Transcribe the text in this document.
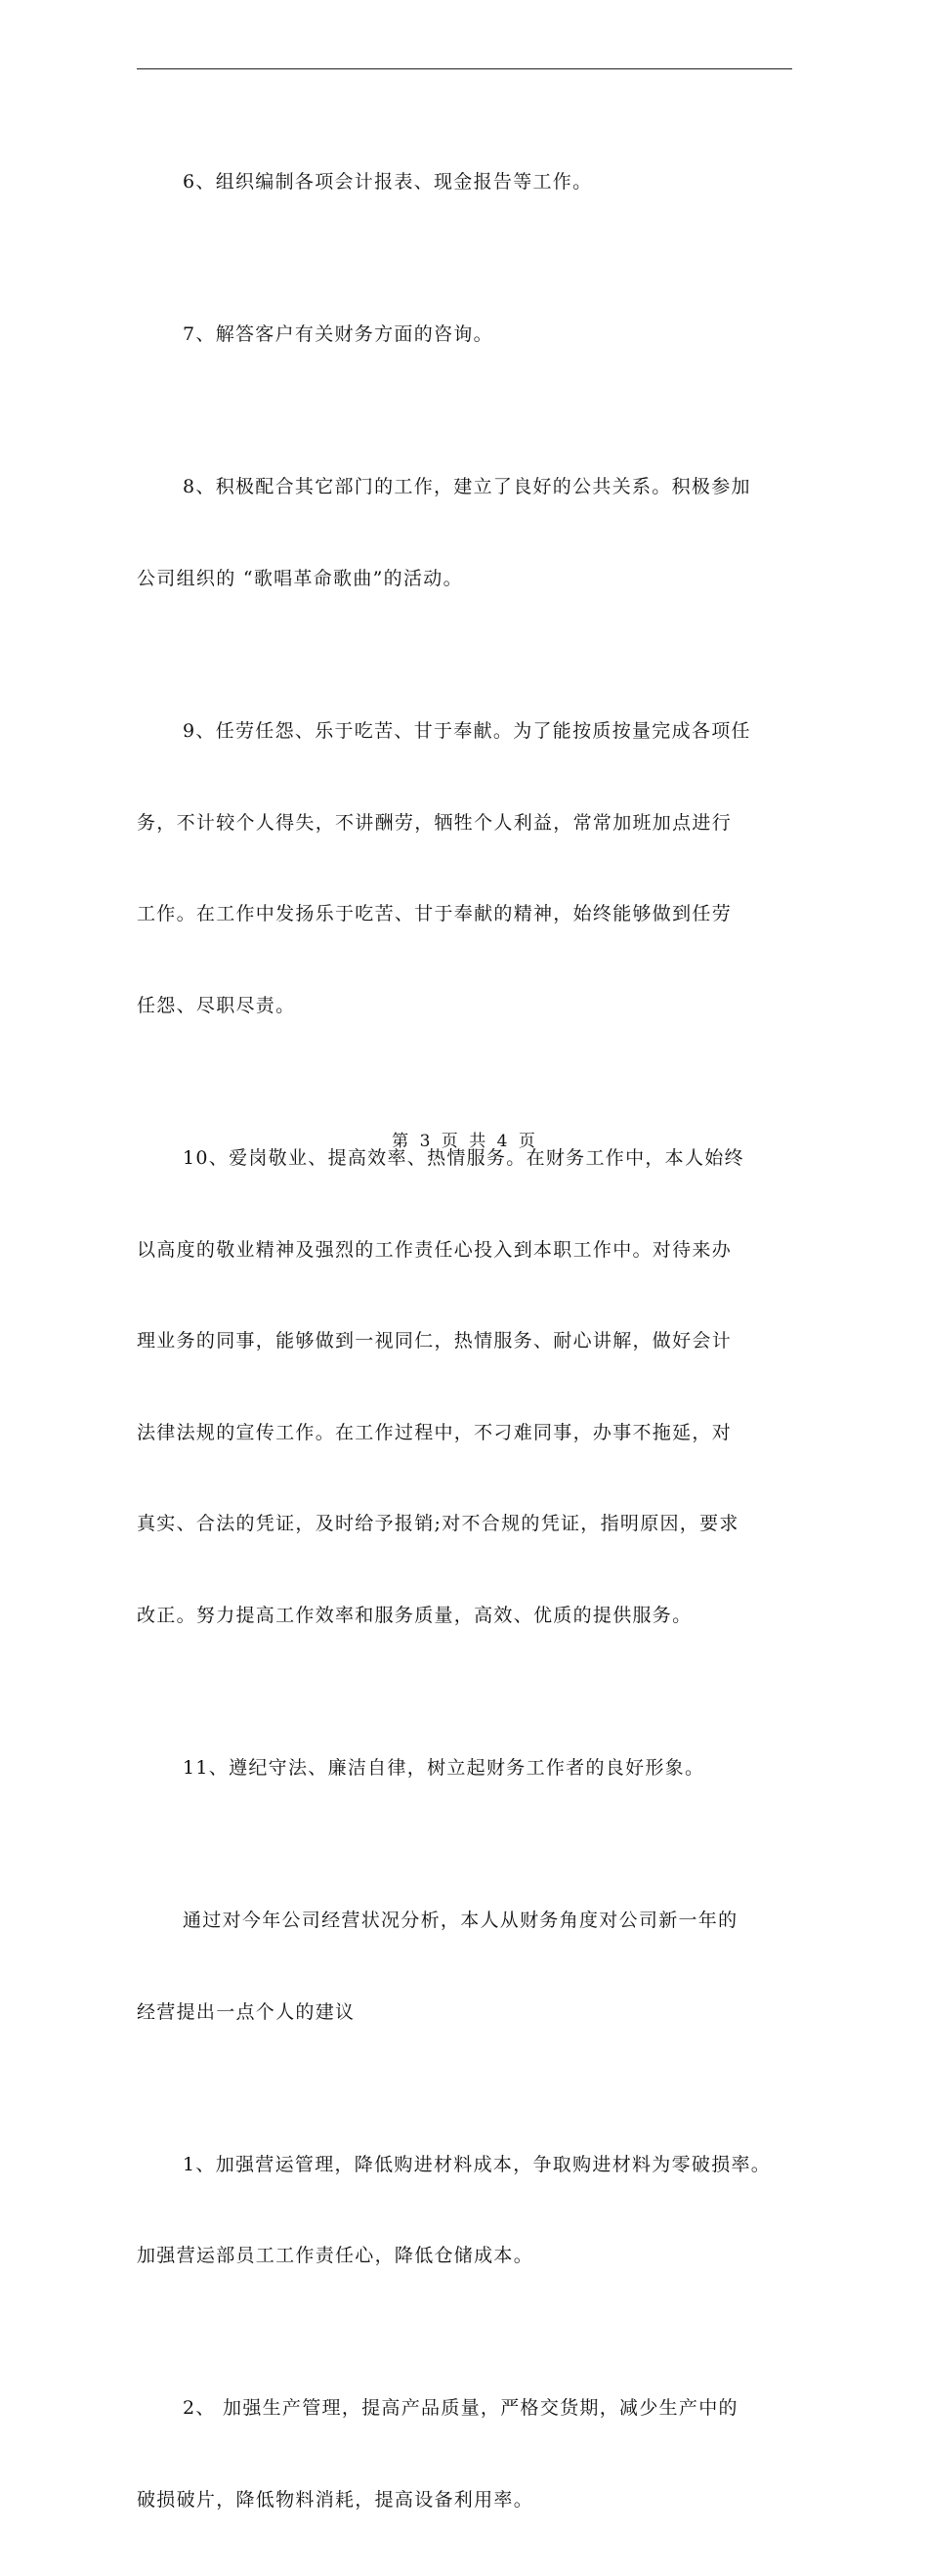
6、组织编制各项会计报表、现金报告等工作。

7、解答客户有关财务方面的咨询。

8、积极配合其它部门的工作，建立了良好的公共关系。积极参加

公司组织的 “歌唱革命歌曲”的活动。

9、任劳任怨、乐于吃苦、甘于奉献。为了能按质按量完成各项任

务，不计较个人得失，不讲酬劳，牺牲个人利益，常常加班加点进行

工作。在工作中发扬乐于吃苦、甘于奉献的精神，始终能够做到任劳

任怨、尽职尽责。

10、爱岗敬业、提高效率、热情服务。在财务工作中，本人始终

以高度的敬业精神及强烈的工作责任心投入到本职工作中。对待来办

理业务的同事，能够做到一视同仁，热情服务、耐心讲解，做好会计

法律法规的宣传工作。在工作过程中，不刁难同事，办事不拖延，对

真实、合法的凭证，及时给予报销;对不合规的凭证，指明原因，要求

改正。努力提高工作效率和服务质量，高效、优质的提供服务。

11、遵纪守法、廉洁自律，树立起财务工作者的良好形象。

通过对今年公司经营状况分析，本人从财务角度对公司新一年的

经营提出一点个人的建议

1、加强营运管理，降低购进材料成本，争取购进材料为零破损率。

加强营运部员工工作责任心，降低仓储成本。

2、 加强生产管理，提高产品质量，严格交货期，减少生产中的

破损破片，降低物料消耗，提高设备利用率。

第 3 页 共 4 页
